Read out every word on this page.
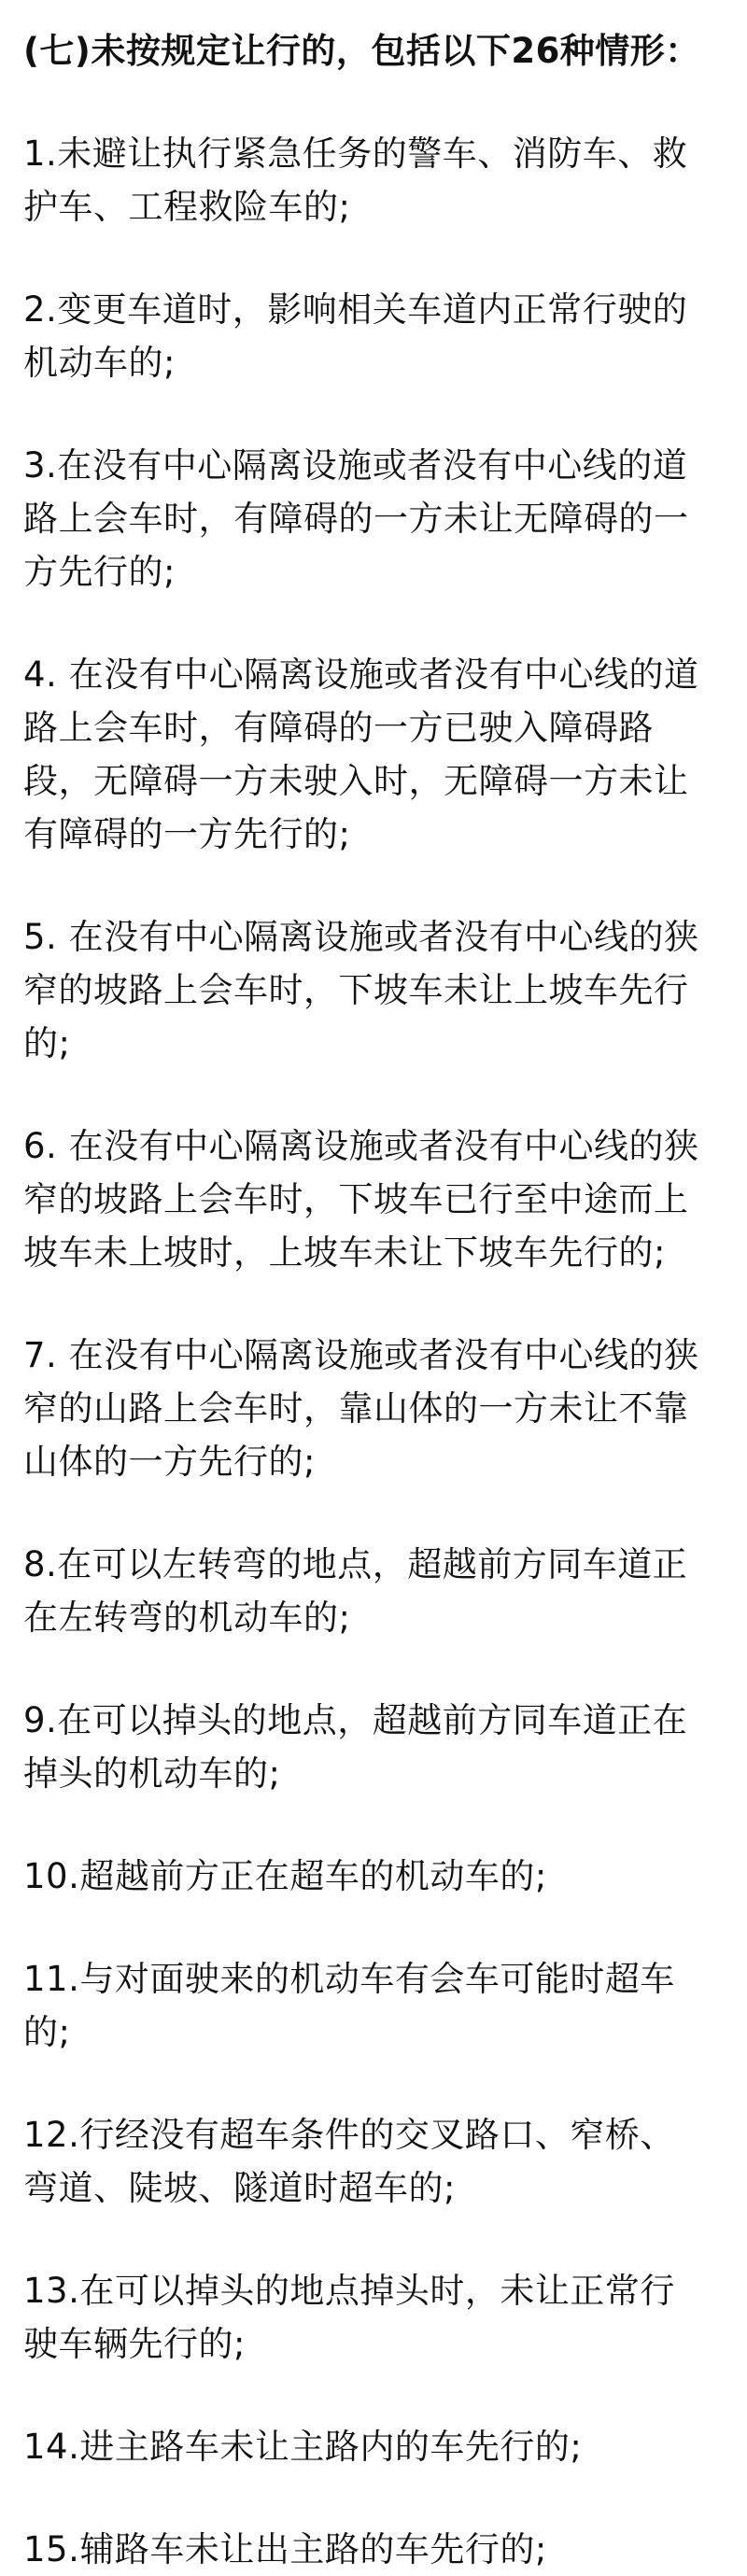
(七)未按规定让行的，包括以下26种情形：

1.未避让执行紧急任务的警车、消防车、救护车、工程救险车的;

2.变更车道时，影响相关车道内正常行驶的机动车的;

3.在没有中心隔离设施或者没有中心线的道路上会车时，有障碍的一方未让无障碍的一方先行的;

4. 在没有中心隔离设施或者没有中心线的道路上会车时，有障碍的一方已驶入障碍路段，无障碍一方未驶入时，无障碍一方未让有障碍的一方先行的;

5. 在没有中心隔离设施或者没有中心线的狭窄的坡路上会车时，下坡车未让上坡车先行的;

6. 在没有中心隔离设施或者没有中心线的狭窄的坡路上会车时，下坡车已行至中途而上坡车未上坡时，上坡车未让下坡车先行的;

7. 在没有中心隔离设施或者没有中心线的狭窄的山路上会车时，靠山体的一方未让不靠山体的一方先行的;

8.在可以左转弯的地点，超越前方同车道正在左转弯的机动车的;

9.在可以掉头的地点，超越前方同车道正在掉头的机动车的;

10.超越前方正在超车的机动车的;

11.与对面驶来的机动车有会车可能时超车的;

12.行经没有超车条件的交叉路口、窄桥、弯道、陡坡、隧道时超车的;

13.在可以掉头的地点掉头时，未让正常行驶车辆先行的;

14.进主路车未让主路内的车先行的;

15.辅路车未让出主路的车先行的;
